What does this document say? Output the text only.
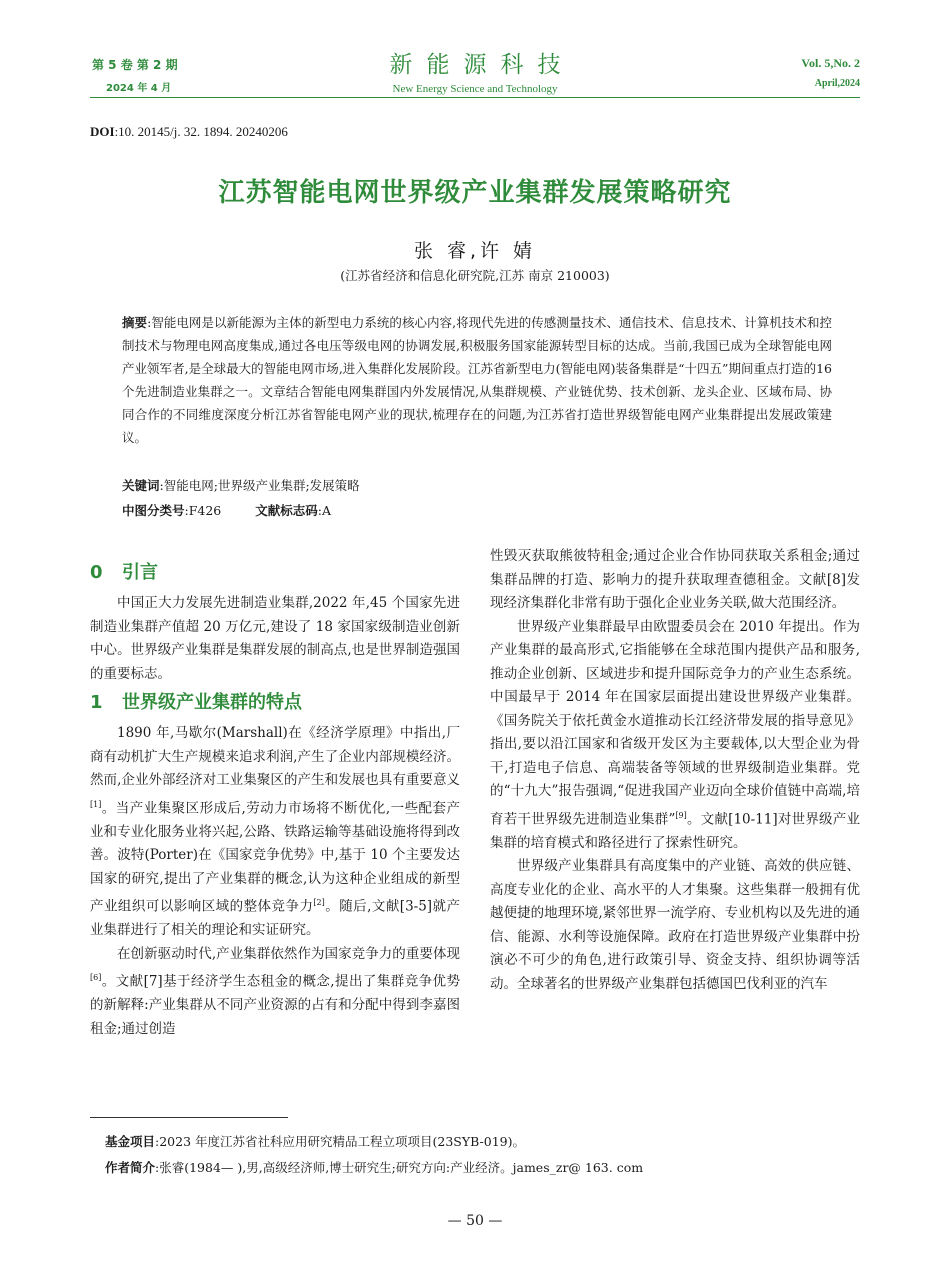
第 5 卷 第 2 期
2024 年 4 月
新能源科技
New Energy Science and Technology
Vol. 5,No. 2
April,2024
DOI:10. 20145/j. 32. 1894. 20240206
江苏智能电网世界级产业集群发展策略研究
张 睿,许 婧
(江苏省经济和信息化研究院,江苏 南京 210003)
摘要:智能电网是以新能源为主体的新型电力系统的核心内容,将现代先进的传感测量技术、通信技术、信息技术、计算机技术和控制技术与物理电网高度集成,通过各电压等级电网的协调发展,积极服务国家能源转型目标的达成。当前,我国已成为全球智能电网产业领军者,是全球最大的智能电网市场,进入集群化发展阶段。江苏省新型电力(智能电网)装备集群是“十四五”期间重点打造的16个先进制造业集群之一。文章结合智能电网集群国内外发展情况,从集群规模、产业链优势、技术创新、龙头企业、区域布局、协同合作的不同维度深度分析江苏省智能电网产业的现状,梳理存在的问题,为江苏省打造世界级智能电网产业集群提出发展政策建议。
关键词:智能电网;世界级产业集群;发展策略
中图分类号:F426	文献标志码:A
0 引言

中国正大力发展先进制造业集群,2022 年,45 个国家先进制造业集群产值超 20 万亿元,建设了 18 家国家级制造业创新中心。世界级产业集群是集群发展的制高点,也是世界制造强国的重要标志。

1 世界级产业集群的特点

1890 年,马歇尔(Marshall)在《经济学原理》中指出,厂商有动机扩大生产规模来追求利润,产生了企业内部规模经济。然而,企业外部经济对工业集聚区的产生和发展也具有重要意义[1]。当产业集聚区形成后,劳动力市场将不断优化,一些配套产业和专业化服务业将兴起,公路、铁路运输等基础设施将得到改善。波特(Porter)在《国家竞争优势》中,基于 10 个主要发达国家的研究,提出了产业集群的概念,认为这种企业组成的新型产业组织可以影响区域的整体竞争力[2]。随后,文献[3-5]就产业集群进行了相关的理论和实证研究。

在创新驱动时代,产业集群依然作为国家竞争力的重要体现[6]。文献[7]基于经济学生态租金的概念,提出了集群竞争优势的新解释:产业集群从不同产业资源的占有和分配中得到李嘉图租金;通过创造

性毁灭获取熊彼特租金;通过企业合作协同获取关系租金;通过集群品牌的打造、影响力的提升获取理查德租金。文献[8]发现经济集群化非常有助于强化企业业务关联,做大范围经济。

世界级产业集群最早由欧盟委员会在 2010 年提出。作为产业集群的最高形式,它指能够在全球范围内提供产品和服务,推动企业创新、区域进步和提升国际竞争力的产业生态系统。中国最早于 2014 年在国家层面提出建设世界级产业集群。《国务院关于依托黄金水道推动长江经济带发展的指导意见》指出,要以沿江国家和省级开发区为主要载体,以大型企业为骨干,打造电子信息、高端装备等领域的世界级制造业集群。党的“十九大”报告强调,“促进我国产业迈向全球价值链中高端,培育若干世界级先进制造业集群”[9]。文献[10-11]对世界级产业集群的培育模式和路径进行了探索性研究。

世界级产业集群具有高度集中的产业链、高效的供应链、高度专业化的企业、高水平的人才集聚。这些集群一般拥有优越便捷的地理环境,紧邻世界一流学府、专业机构以及先进的通信、能源、水利等设施保障。政府在打造世界级产业集群中扮演必不可少的角色,进行政策引导、资金支持、组织协调等活动。全球著名的世界级产业集群包括德国巴伐利亚的汽车

基金项目:2023 年度江苏省社科应用研究精品工程立项项目(23SYB-019)。
作者简介:张睿(1984— ),男,高级经济师,博士研究生;研究方向:产业经济。james_zr@ 163. com
— 50 —
